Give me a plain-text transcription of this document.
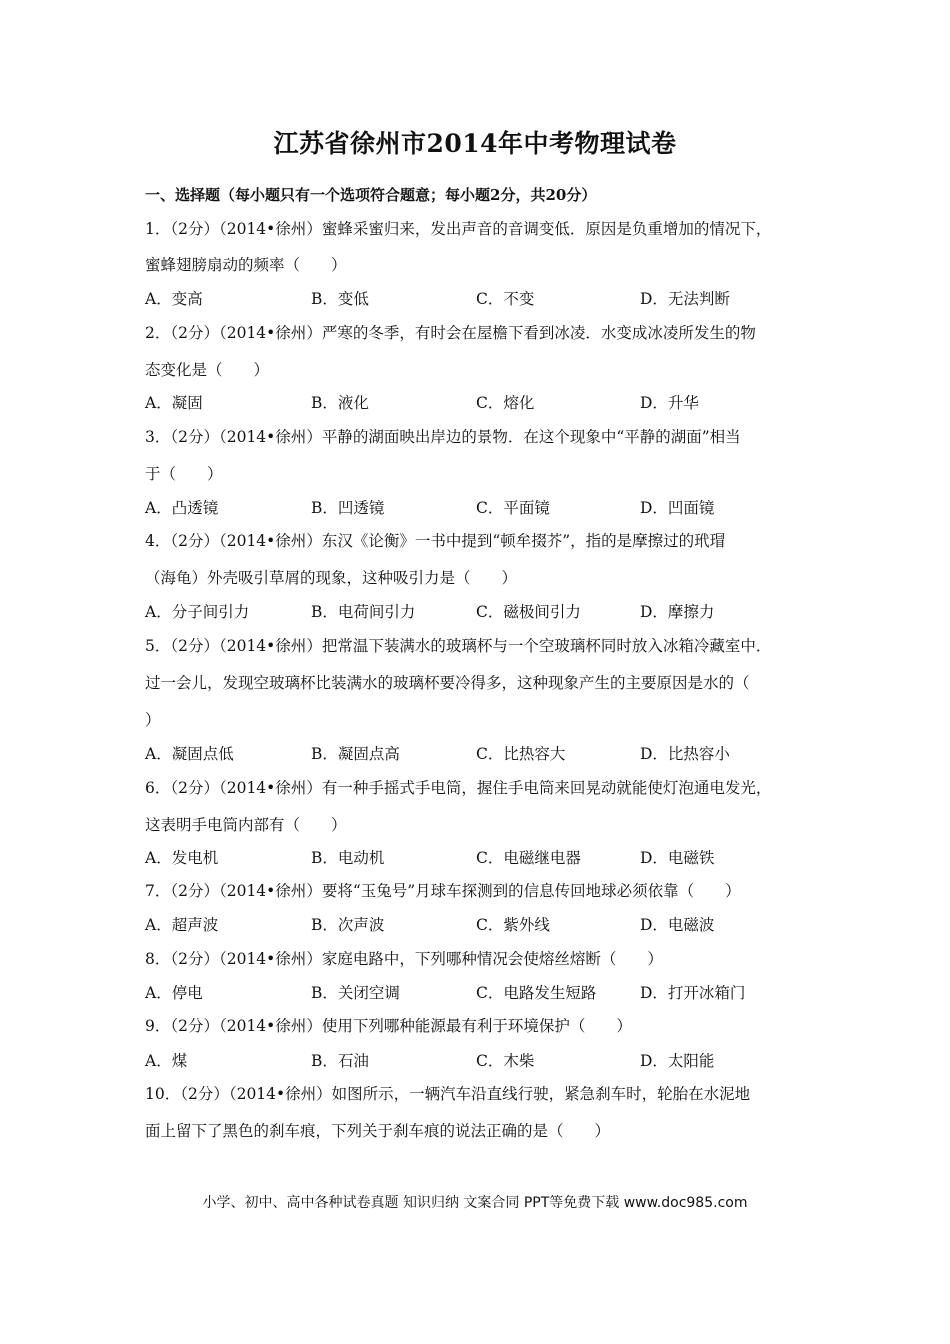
江苏省徐州市2014年中考物理试卷
一、选择题（每小题只有一个选项符合题意；每小题2分，共20分）
1．（2分）（2014•徐州）蜜蜂采蜜归来，发出声音的音调变低．原因是负重增加的情况下，
蜜蜂翅膀扇动的频率（　　）
A．变高	B．变低	C．不变	D．无法判断
2．（2分）（2014•徐州）严寒的冬季，有时会在屋檐下看到冰凌．水变成冰凌所发生的物
态变化是（　　）
A．凝固	B．液化	C．熔化	D．升华
3．（2分）（2014•徐州）平静的湖面映出岸边的景物．在这个现象中“平静的湖面”相当
于（　　）
A．凸透镜	B．凹透镜	C．平面镜	D．凹面镜
4．（2分）（2014•徐州）东汉《论衡》一书中提到“顿牟掇芥”，指的是摩擦过的玳瑁
（海龟）外壳吸引草屑的现象，这种吸引力是（　　）
A．分子间引力	B．电荷间引力	C．磁极间引力	D．摩擦力
5．（2分）（2014•徐州）把常温下装满水的玻璃杯与一个空玻璃杯同时放入冰箱冷藏室中．
过一会儿，发现空玻璃杯比装满水的玻璃杯要冷得多，这种现象产生的主要原因是水的（
）
A．凝固点低	B．凝固点高	C．比热容大	D．比热容小
6．（2分）（2014•徐州）有一种手摇式手电筒，握住手电筒来回晃动就能使灯泡通电发光，
这表明手电筒内部有（　　）
A．发电机	B．电动机	C．电磁继电器	D．电磁铁
7．（2分）（2014•徐州）要将“玉兔号”月球车探测到的信息传回地球必须依靠（　　）
A．超声波	B．次声波	C．紫外线	D．电磁波
8．（2分）（2014•徐州）家庭电路中，下列哪种情况会使熔丝熔断（　　）
A．停电	B．关闭空调	C．电路发生短路	D．打开冰箱门
9．（2分）（2014•徐州）使用下列哪种能源最有利于环境保护（　　）
A．煤	B．石油	C．木柴	D．太阳能
10．（2分）（2014•徐州）如图所示，一辆汽车沿直线行驶，紧急刹车时，轮胎在水泥地
面上留下了黑色的刹车痕，下列关于刹车痕的说法正确的是（　　）
小学、初中、高中各种试卷真题 知识归纳 文案合同 PPT等免费下载 www.doc985.com
